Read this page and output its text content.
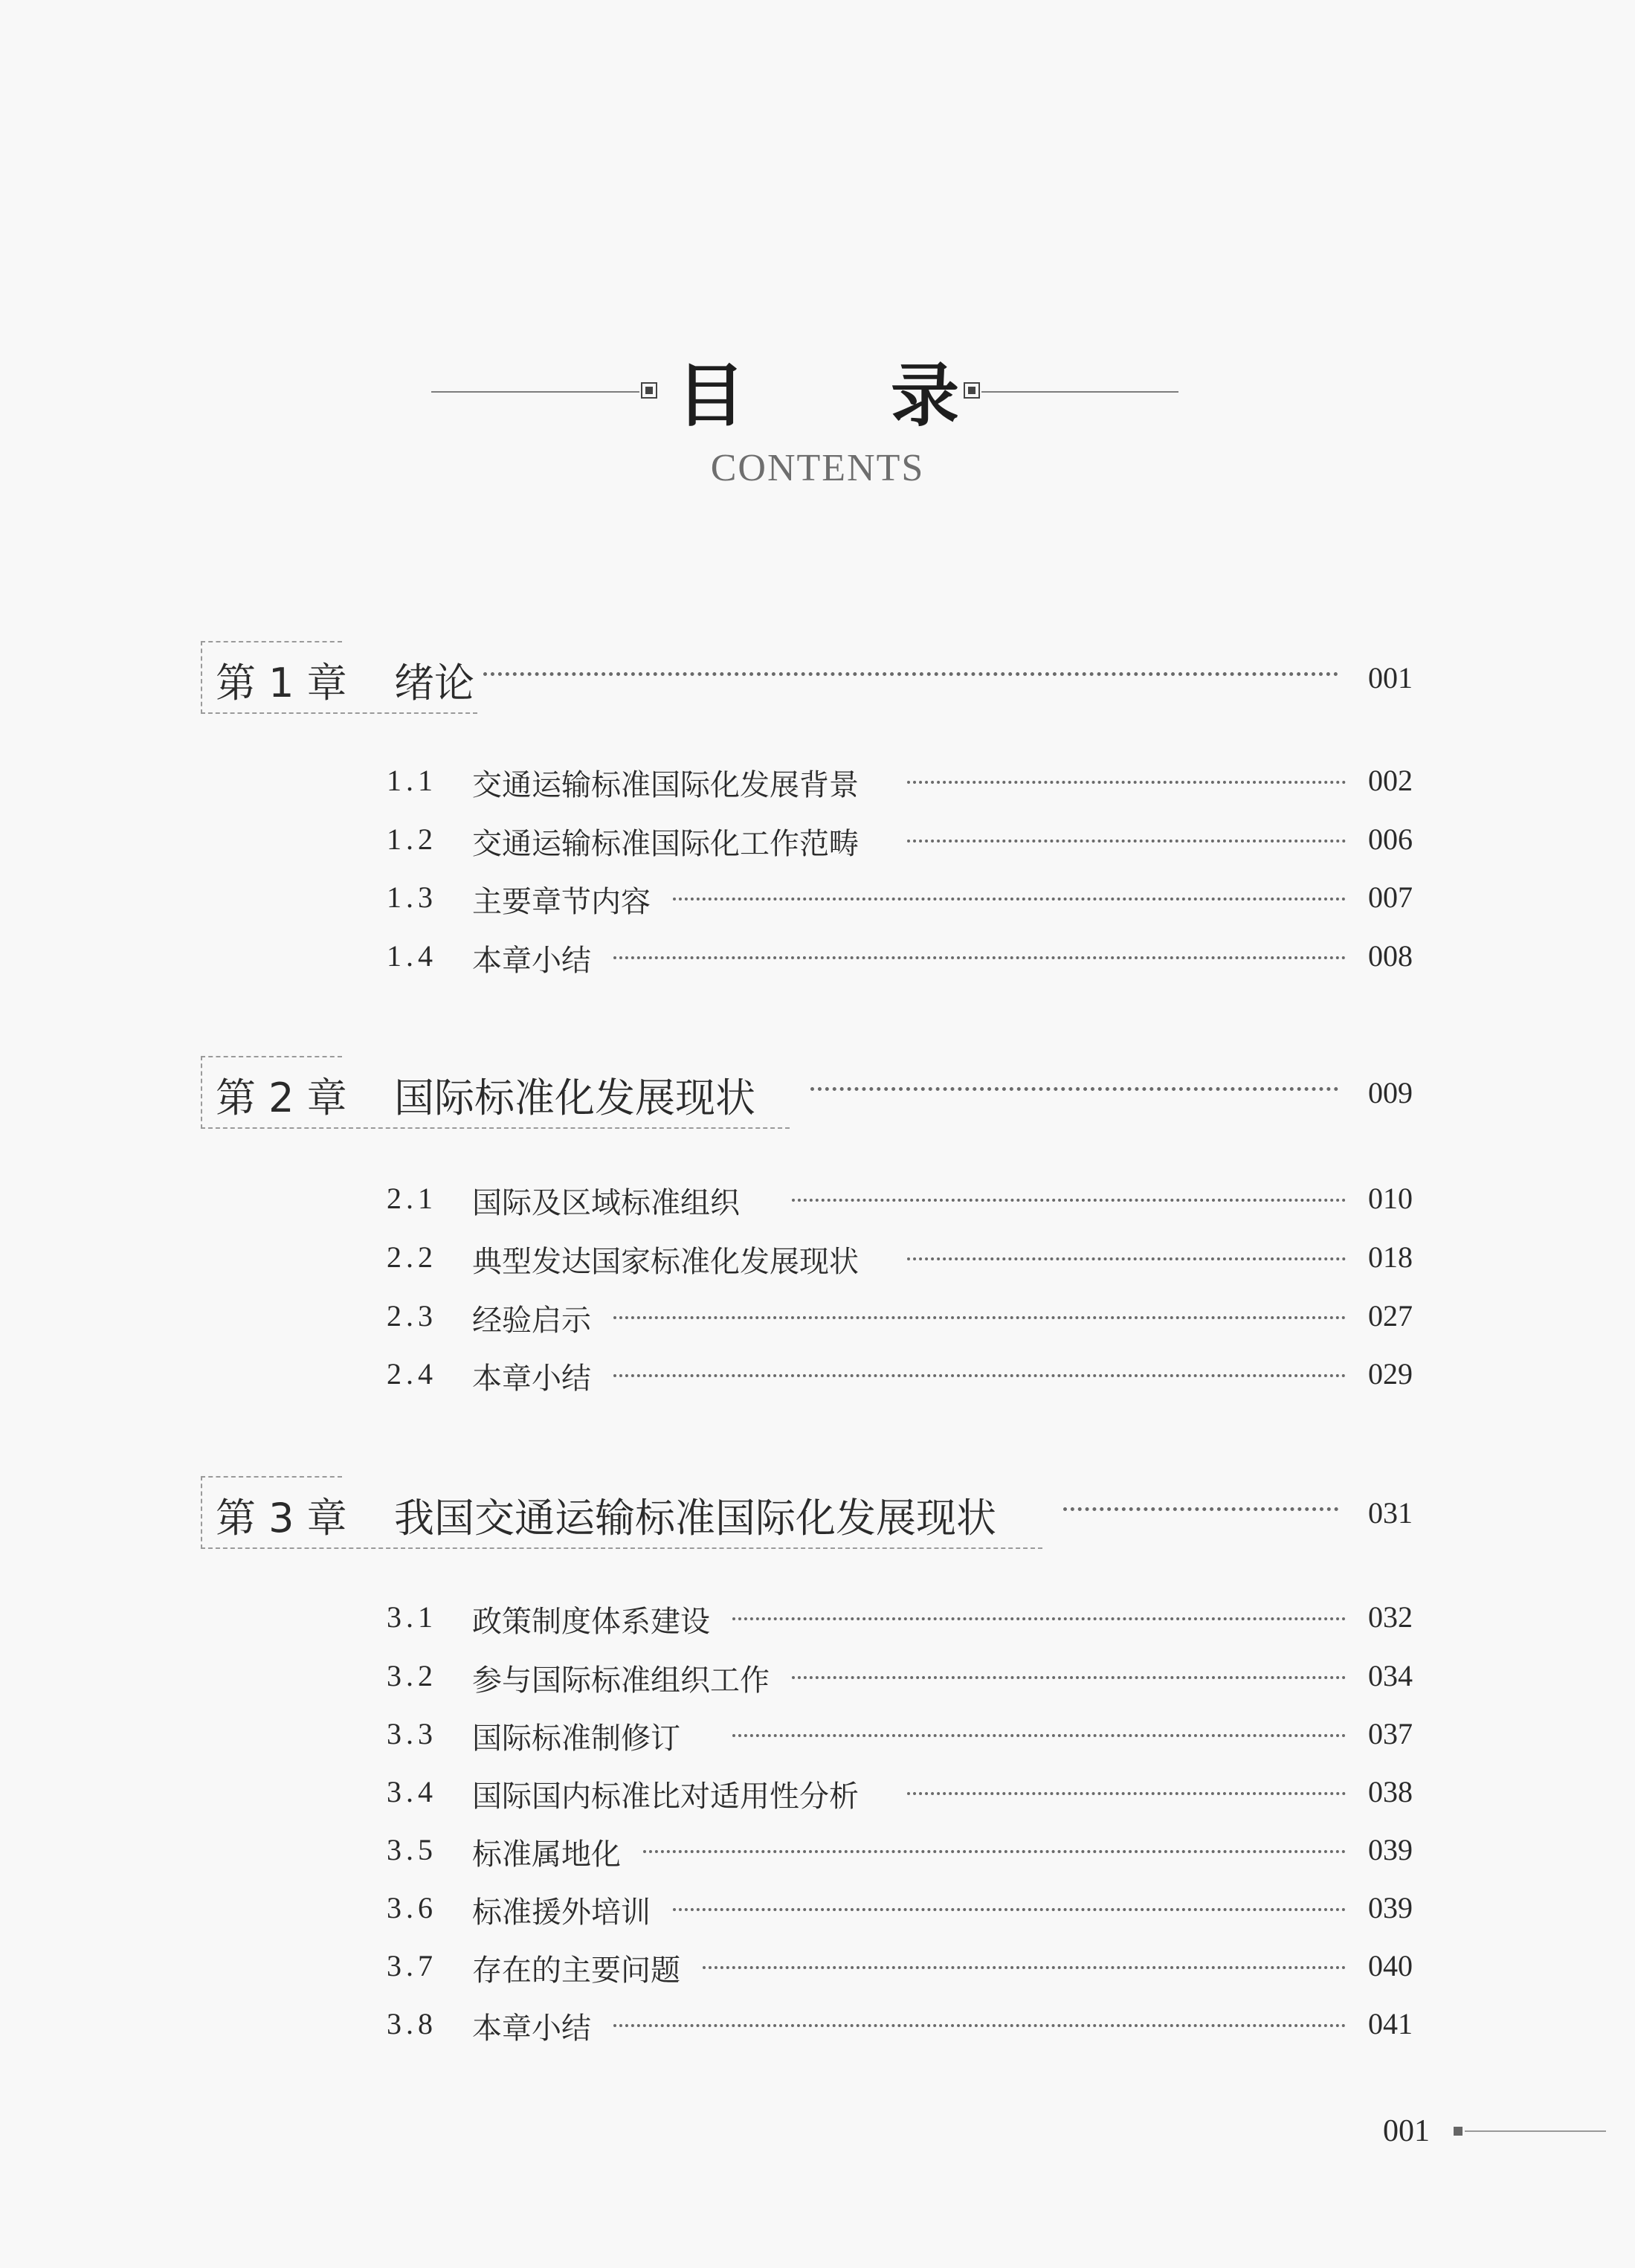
目 录
CONTENTS
第 1 章 绪论	001
1.1 交通运输标准国际化发展背景	002
1.2 交通运输标准国际化工作范畴	006
1.3 主要章节内容	007
1.4 本章小结	008
第 2 章 国际标准化发展现状	009
2.1 国际及区域标准组织	010
2.2 典型发达国家标准化发展现状	018
2.3 经验启示	027
2.4 本章小结	029
第 3 章 我国交通运输标准国际化发展现状	031
3.1 政策制度体系建设	032
3.2 参与国际标准组织工作	034
3.3 国际标准制修订	037
3.4 国际国内标准比对适用性分析	038
3.5 标准属地化	039
3.6 标准援外培训	039
3.7 存在的主要问题	040
3.8 本章小结	041
001
